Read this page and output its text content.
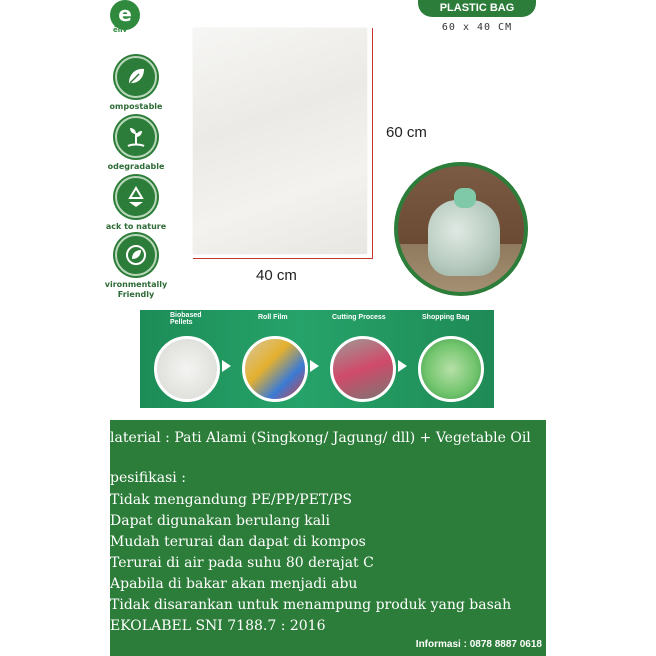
e
ēliv
ompostable
odegradable
ack to nature
vironmentally
Friendly
60 cm
40 cm
PLASTIC BAG
60 x 40 CM
Biobased
Pellets
Roll Film	Cutting Process	Shopping Bag
laterial : Pati Alami (Singkong/ Jagung/ dll) + Vegetable Oil
pesifikasi :
Tidak mengandung PE/PP/PET/PS
Dapat digunakan berulang kali
Mudah terurai dan dapat di kompos
Terurai di air pada suhu 80 derajat C
Apabila di bakar akan menjadi abu
Tidak disarankan untuk menampung produk yang basah
EKOLABEL SNI 7188.7 : 2016
Informasi : 0878 8887 0618
